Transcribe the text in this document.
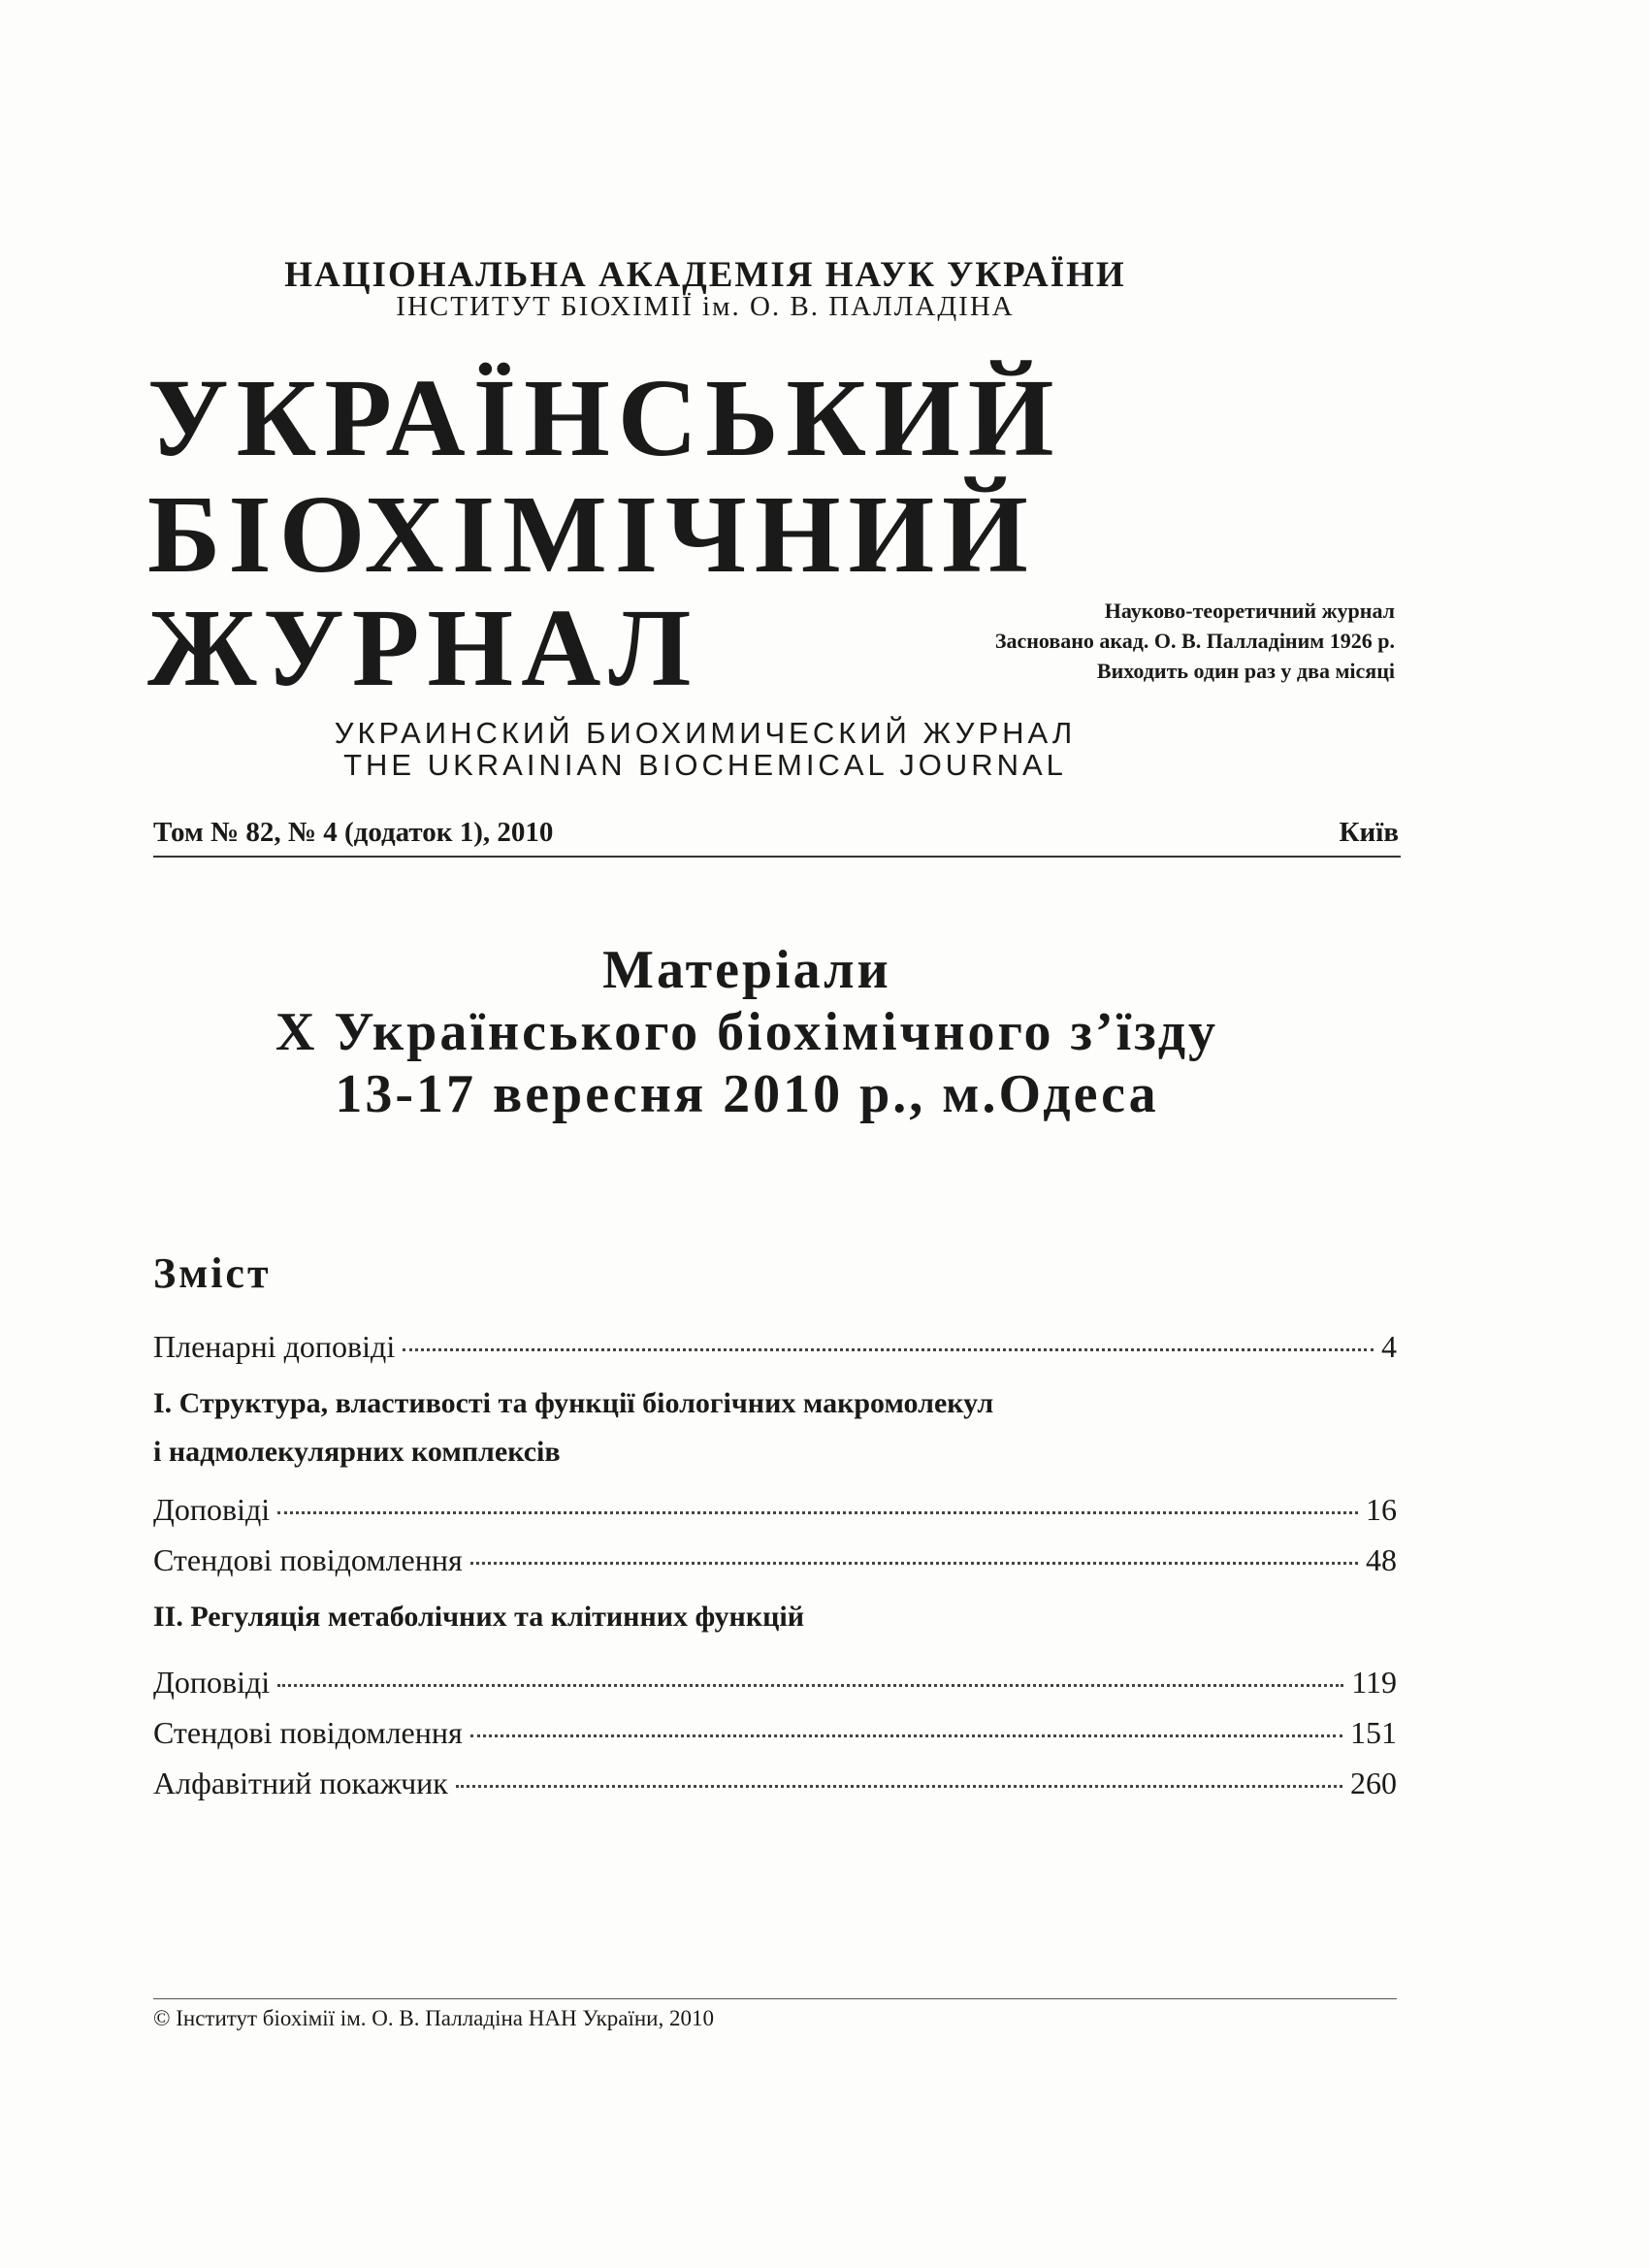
НАЦІОНАЛЬНА АКАДЕМІЯ НАУК УКРАЇНИ
ІНСТИТУТ БІОХІМІЇ ім. О. В. ПАЛЛАДІНА
УКРАЇНСЬКИЙ
БІОХІМІЧНИЙ
ЖУРНАЛ	Науково-теоретичний журнал
Засновано акад. О. В. Палладіним 1926 р.
Виходить один раз у два місяці
УКРАИНСКИЙ БИОХИМИЧЕСКИЙ ЖУРНАЛ
THE UKRAINIAN BIOCHEMICAL JOURNAL
Том № 82, № 4 (додаток 1), 2010	Київ
Матеріали
X Українського біохімічного з’їзду
13-17 вересня 2010 р., м.Одеса
Зміст
Пленарні доповіді	4
I. Структура, властивості та функції біологічних макромолекул
і надмолекулярних комплексів
Доповіді	16
Стендові повідомлення	48
II. Регуляція метаболічних та клітинних функцій
Доповіді	119
Стендові повідомлення	151
Алфавітний покажчик	260
© Інститут біохімії ім. О. В. Палладіна НАН України, 2010
